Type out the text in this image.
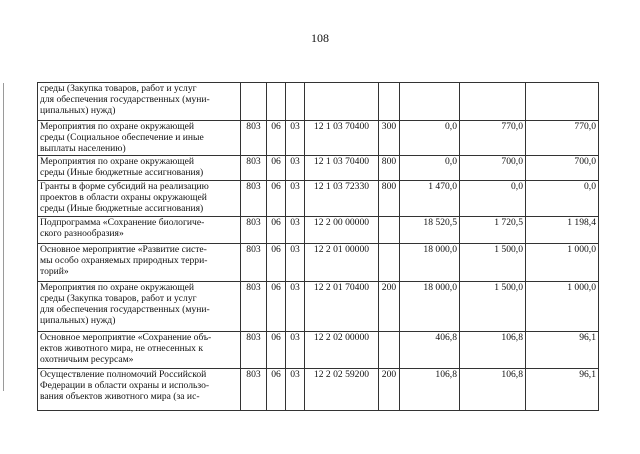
108
среды (Закупка товаров, работ и услуг
для обеспечения государственных (муни-
ципальных) нужд)								

Мероприятия по охране окружающей
среды (Социальное обеспечение и иные
выплаты населению)	803	06	03	12 1 03 70400	300	0,0	770,0	770,0

Мероприятия по охране окружающей
среды (Иные бюджетные ассигнования)	803	06	03	12 1 03 70400	800	0,0	700,0	700,0

Гранты в форме субсидий на реализацию
проектов в области охраны окружающей
среды (Иные бюджетные ассигнования)	803	06	03	12 1 03 72330	800	1 470,0	0,0	0,0

Подпрограмма «Сохранение биологиче-
ского разнообразия»	803	06	03	12 2 00 00000		18 520,5	1 720,5	1 198,4

Основное мероприятие «Развитие систе-
мы особо охраняемых природных терри-
торий»	803	06	03	12 2 01 00000		18 000,0	1 500,0	1 000,0

Мероприятия по охране окружающей
среды (Закупка товаров, работ и услуг
для обеспечения государственных (муни-
ципальных) нужд)	803	06	03	12 2 01 70400	200	18 000,0	1 500,0	1 000,0

Основное мероприятие «Сохранение объ-
ектов животного мира, не отнесенных к
охотничьим ресурсам»	803	06	03	12 2 02 00000		406,8	106,8	96,1

Осуществление полномочий Российской
Федерации в области охраны и использо-
вания объектов животного мира (за ис-	803	06	03	12 2 02 59200	200	106,8	106,8	96,1
